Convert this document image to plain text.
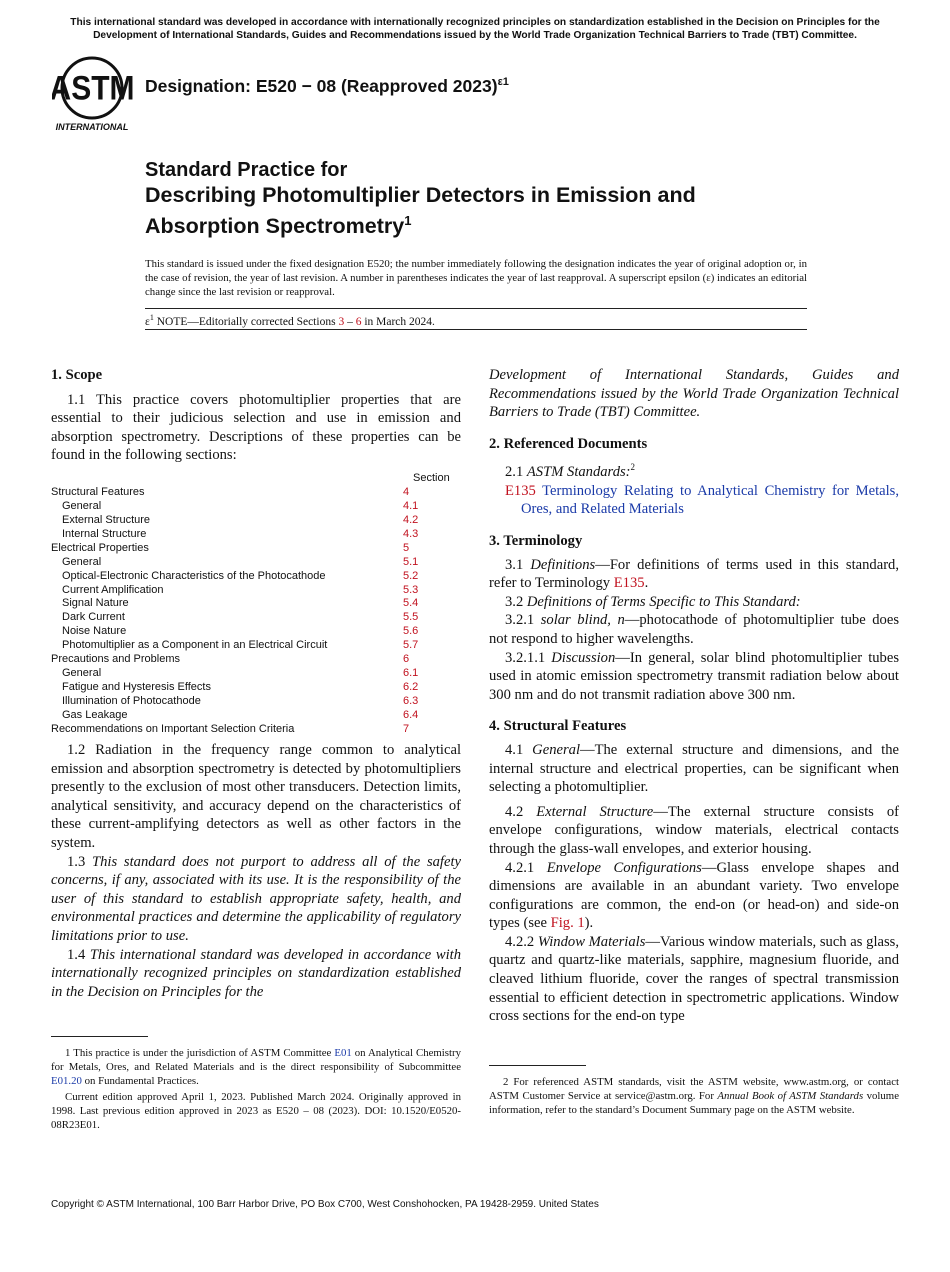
This international standard was developed in accordance with internationally recognized principles on standardization established in the Decision on Principles for the
Development of International Standards, Guides and Recommendations issued by the World Trade Organization Technical Barriers to Trade (TBT) Committee.
ASTM
INTERNATIONAL
Designation: E520 − 08 (Reapproved 2023)$^{\varepsilon 1}$
Standard Practice for
Describing Photomultiplier Detectors in Emission and
Absorption Spectrometry$^1$
This standard is issued under the fixed designation E520; the number immediately following the designation indicates the year of original adoption or, in the case of revision, the year of last revision. A number in parentheses indicates the year of last reapproval. A superscript epsilon (ε) indicates an editorial change since the last revision or reapproval.
$\varepsilon^1$ NOTE—Editorially corrected Sections 3 – 6 in March 2024.
1. Scope

1.1 This practice covers photomultiplier properties that are essential to their judicious selection and use in emission and absorption spectrometry. Descriptions of these properties can be found in the following sections:

Section
Structural Features	4
General	4.1
External Structure	4.2
Internal Structure	4.3
Electrical Properties	5
General	5.1
Optical-Electronic Characteristics of the Photocathode	5.2
Current Amplification	5.3
Signal Nature	5.4
Dark Current	5.5
Noise Nature	5.6
Photomultiplier as a Component in an Electrical Circuit	5.7
Precautions and Problems	6
General	6.1
Fatigue and Hysteresis Effects	6.2
Illumination of Photocathode	6.3
Gas Leakage	6.4
Recommendations on Important Selection Criteria	7

1.2 Radiation in the frequency range common to analytical emission and absorption spectrometry is detected by photomultipliers presently to the exclusion of most other transducers. Detection limits, analytical sensitivity, and accuracy depend on the characteristics of these current-amplifying detectors as well as other factors in the system.

1.3 This standard does not purport to address all of the safety concerns, if any, associated with its use. It is the responsibility of the user of this standard to establish appropriate safety, health, and environmental practices and determine the applicability of regulatory limitations prior to use.

1.4 This international standard was developed in accordance with internationally recognized principles on standardization established in the Decision on Principles for the

1 This practice is under the jurisdiction of ASTM Committee E01 on Analytical Chemistry for Metals, Ores, and Related Materials and is the direct responsibility of Subcommittee E01.20 on Fundamental Practices.
Current edition approved April 1, 2023. Published March 2024. Originally approved in 1998. Last previous edition approved in 2023 as E520 – 08 (2023). DOI: 10.1520/E0520-08R23E01.

Development of International Standards, Guides and Recommendations issued by the World Trade Organization Technical Barriers to Trade (TBT) Committee.

2. Referenced Documents

2.1 ASTM Standards:$^2$

E135 Terminology Relating to Analytical Chemistry for Metals, Ores, and Related Materials

3. Terminology

3.1 Definitions—For definitions of terms used in this standard, refer to Terminology E135.

3.2 Definitions of Terms Specific to This Standard:

3.2.1 solar blind, n—photocathode of photomultiplier tube does not respond to higher wavelengths.

3.2.1.1 Discussion—In general, solar blind photomultiplier tubes used in atomic emission spectrometry transmit radiation below about 300 nm and do not transmit radiation above 300 nm.

4. Structural Features

4.1 General—The external structure and dimensions, and the internal structure and electrical properties, can be significant when selecting a photomultiplier.

4.2 External Structure—The external structure consists of envelope configurations, window materials, electrical contacts through the glass-wall envelopes, and exterior housing.

4.2.1 Envelope Configurations—Glass envelope shapes and dimensions are available in an abundant variety. Two envelope configurations are common, the end-on (or head-on) and side-on types (see Fig. 1).

4.2.2 Window Materials—Various window materials, such as glass, quartz and quartz-like materials, sapphire, magnesium fluoride, and cleaved lithium fluoride, cover the ranges of spectral transmission essential to efficient detection in spectrometric applications. Window cross sections for the end-on type

2 For referenced ASTM standards, visit the ASTM website, www.astm.org, or contact ASTM Customer Service at service@astm.org. For Annual Book of ASTM Standards volume information, refer to the standard’s Document Summary page on the ASTM website.
Copyright © ASTM International, 100 Barr Harbor Drive, PO Box C700, West Conshohocken, PA 19428-2959. United States
